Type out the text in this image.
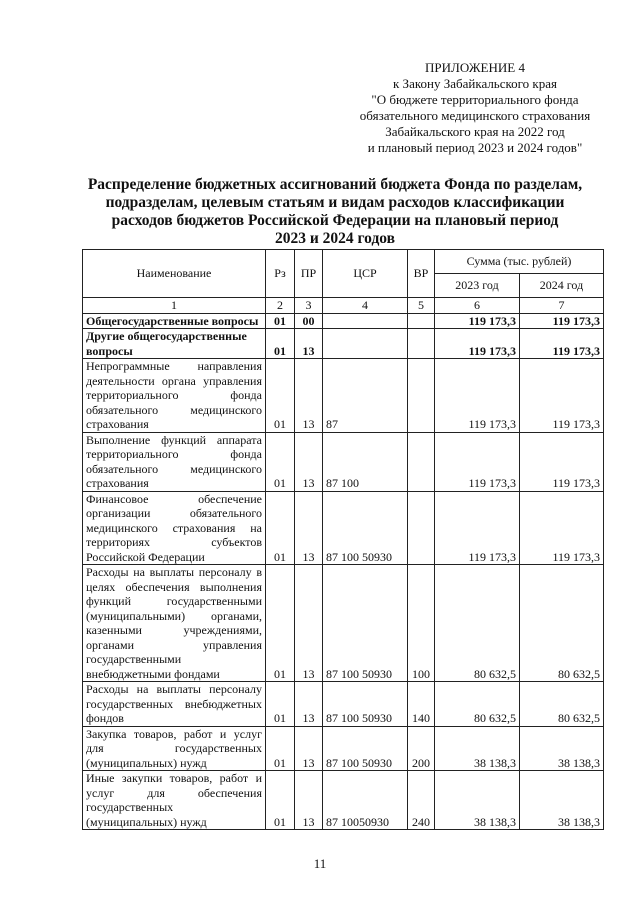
ПРИЛОЖЕНИЕ 4
к Закону Забайкальского края
"О бюджете территориального фонда
обязательного медицинского страхования
Забайкальского края на 2022 год
и плановый период 2023 и 2024 годов"
Распределение бюджетных ассигнований бюджета Фонда по разделам,
подразделам, целевым статьям и видам расходов классификации
расходов бюджетов Российской Федерации на плановый период
2023 и 2024 годов
Наименование	Рз	ПР	ЦСР	ВР	Сумма (тыс. рублей)	
					2023 год	2024 год
1	2	3	4	5	6	7
Общегосударственные вопросы	01	00			119 173,3	119 173,3
Другие общегосударственные вопросы	01	13			119 173,3	119 173,3
Непрограммные направления деятельности органа управления территориального фонда обязательного медицинского страхования	01	13	87		119 173,3	119 173,3
Выполнение функций аппарата территориального фонда обязательного медицинского страхования	01	13	87 100		119 173,3	119 173,3
Финансовое обеспечение организации обязательного медицинского страхования на территориях субъектов Российской Федерации	01	13	87 100 50930		119 173,3	119 173,3
Расходы на выплаты персоналу в целях обеспечения выполнения функций государственными (муниципальными) органами, казенными учреждениями, органами управления государственными внебюджетными фондами	01	13	87 100 50930	100	80 632,5	80 632,5
Расходы на выплаты персоналу государственных внебюджетных фондов	01	13	87 100 50930	140	80 632,5	80 632,5
Закупка товаров, работ и услуг для государственных (муниципальных) нужд	01	13	87 100 50930	200	38 138,3	38 138,3
Иные закупки товаров, работ и услуг для обеспечения государственных (муниципальных) нужд	01	13	87 10050930	240	38 138,3	38 138,3
11
